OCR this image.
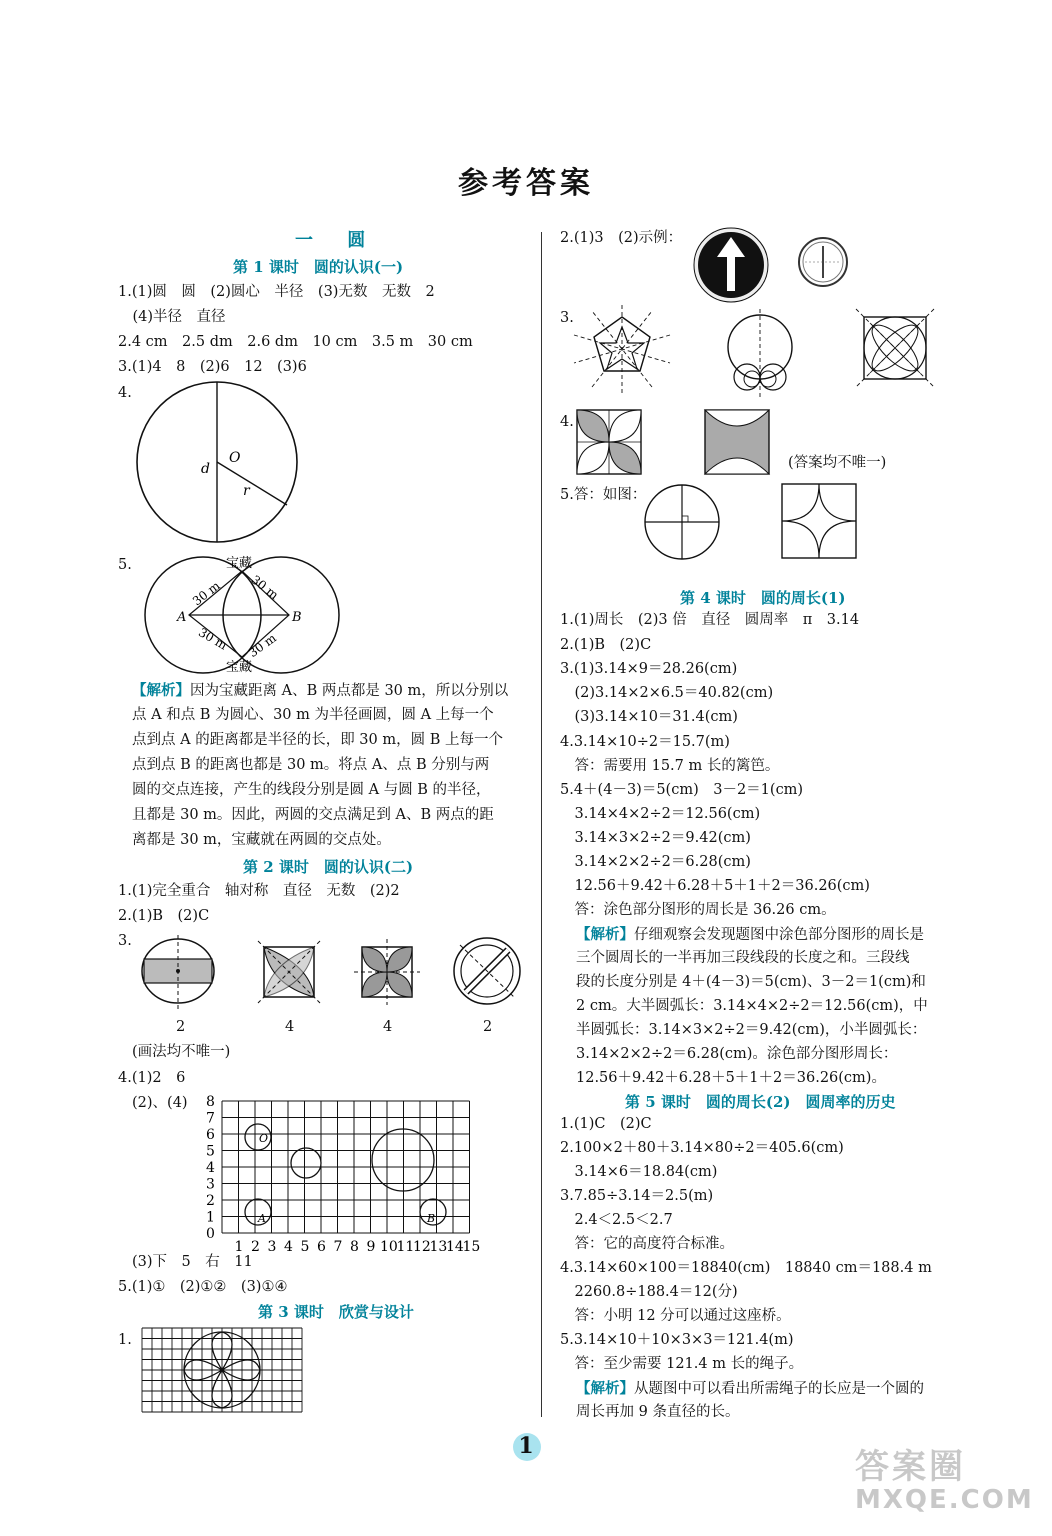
参考答案
一 圆
第 1 课时　圆的认识(一)
1.(1)圆　圆　(2)圆心　半径　(3)无数　无数　2
　(4)半径　直径
2.4 cm　2.5 dm　2.6 dm　10 cm　3.5 m　30 cm
3.(1)4　8　(2)6　12　(3)6
4.
5.
【解析】因为宝藏距离 A、B 两点都是 30 m，所以分别以
点 A 和点 B 为圆心、30 m 为半径画圆，圆 A 上每一个
点到点 A 的距离都是半径的长，即 30 m，圆 B 上每一个
点到点 B 的距离也都是 30 m。将点 A、点 B 分别与两
圆的交点连接，产生的线段分别是圆 A 与圆 B 的半径，
且都是 30 m。因此，两圆的交点满足到 A、B 两点的距
离都是 30 m，宝藏就在两圆的交点处。
第 2 课时　圆的认识(二)
1.(1)完全重合　轴对称　直径　无数　(2)2
2.(1)B　(2)C
3.
2	4	4	2
(画法均不唯一)
4.(1)2　6
(2)、(4)
(3)下　5　右　11
5.(1)①　(2)①②　(3)①④
第 3 课时　欣赏与设计
1.
O
d
r
宝藏
宝藏
A	B
30 m 30 m
30 m 30 m
8
7
6
5
4
3
2
1
0
1 2 3 4 5 6 7 8 9 10
11
12
13
14
15
O
A	B
2.(1)3　(2)示例：
3.
4.
(答案均不唯一)
5.答：如图：
第 4 课时　圆的周长(1)
1.(1)周长　(2)3 倍　直径　圆周率　π　3.14
2.(1)B　(2)C
3.(1)3.14×9＝28.26(cm)
　(2)3.14×2×6.5＝40.82(cm)
　(3)3.14×10＝31.4(cm)
4.3.14×10÷2＝15.7(m)
　答：需要用 15.7 m 长的篱笆。
5.4＋(4－3)＝5(cm)　3－2＝1(cm)
　3.14×4×2÷2＝12.56(cm)
　3.14×3×2÷2＝9.42(cm)
　3.14×2×2÷2＝6.28(cm)
　12.56＋9.42＋6.28＋5＋1＋2＝36.26(cm)
　答：涂色部分图形的周长是 36.26 cm。
【解析】仔细观察会发现题图中涂色部分图形的周长是
三个圆周长的一半再加三段线段的长度之和。三段线
段的长度分别是 4＋(4－3)＝5(cm)、3－2＝1(cm)和
2 cm。大半圆弧长：3.14×4×2÷2＝12.56(cm)，中
半圆弧长：3.14×3×2÷2＝9.42(cm)，小半圆弧长：
3.14×2×2÷2＝6.28(cm)。涂色部分图形周长：
12.56＋9.42＋6.28＋5＋1＋2＝36.26(cm)。
第 5 课时　圆的周长(2)　圆周率的历史
1.(1)C　(2)C
2.100×2＋80＋3.14×80÷2＝405.6(cm)
　3.14×6＝18.84(cm)
3.7.85÷3.14＝2.5(m)
　2.4＜2.5＜2.7
　答：它的高度符合标准。
4.3.14×60×100＝18840(cm)　18840 cm＝188.4 m
　2260.8÷188.4＝12(分)
　答：小明 12 分可以通过这座桥。
5.3.14×10＋10×3×3＝121.4(m)
　答：至少需要 121.4 m 长的绳子。
【解析】从题图中可以看出所需绳子的长应是一个圆的
周长再加 9 条直径的长。
1
答案圈
MXQE.COM
